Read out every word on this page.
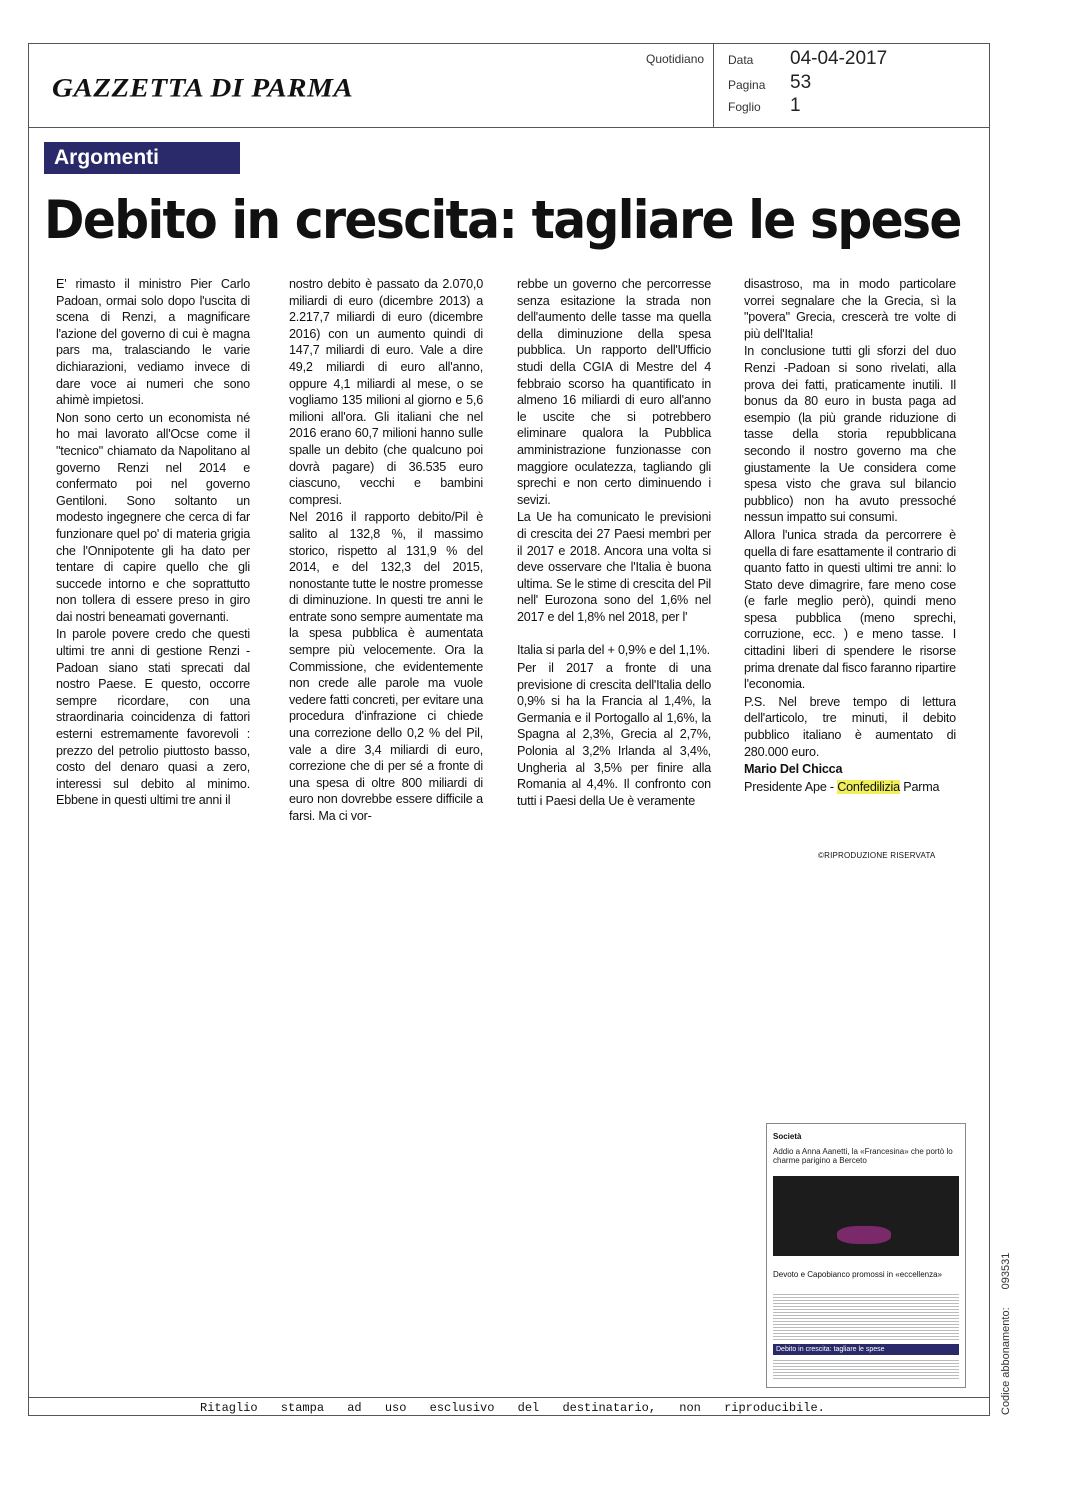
GAZZETTA DI PARMA
Quotidiano Data 04-04-2017
Pagina 53
Foglio 1
Argomenti
Debito in crescita: tagliare le spese

E' rimasto il ministro Pier Carlo Padoan, ormai solo dopo l'uscita di scena di Renzi, a magnificare l'azione del governo di cui è magna pars ma, tralasciando le varie dichiarazioni, vediamo invece di dare voce ai numeri che sono ahimè impietosi.

Non sono certo un economista né ho mai lavorato all'Ocse come il "tecnico" chiamato da Napolitano al governo Renzi nel 2014 e confermato poi nel governo Gentiloni. Sono soltanto un modesto ingegnere che cerca di far funzionare quel po' di materia grigia che l'Onnipotente gli ha dato per tentare di capire quello che gli succede intorno e che soprattutto non tollera di essere preso in giro dai nostri beneamati governanti.

In parole povere credo che questi ultimi tre anni di gestione Renzi - Padoan siano stati sprecati dal nostro Paese. E questo, occorre sempre ricordare, con una straordinaria coincidenza di fattori esterni estremamente favorevoli : prezzo del petrolio piuttosto basso, costo del denaro quasi a zero, interessi sul debito al minimo. Ebbene in questi ultimi tre anni il

nostro debito è passato da 2.070,0 miliardi di euro (dicembre 2013) a 2.217,7 miliardi di euro (dicembre 2016) con un aumento quindi di 147,7 miliardi di euro. Vale a dire 49,2 miliardi di euro all'anno, oppure 4,1 miliardi al mese, o se vogliamo 135 milioni al giorno e 5,6 milioni all'ora. Gli italiani che nel 2016 erano 60,7 milioni hanno sulle spalle un debito (che qualcuno poi dovrà pagare) di 36.535 euro ciascuno, vecchi e bambini compresi.

Nel 2016 il rapporto debito/Pil è salito al 132,8 %, il massimo storico, rispetto al 131,9 % del 2014, e del 132,3 del 2015, nonostante tutte le nostre promesse di diminuzione. In questi tre anni le entrate sono sempre aumentate ma la spesa pubblica è aumentata sempre più velocemente. Ora la Commissione, che evidentemente non crede alle parole ma vuole vedere fatti concreti, per evitare una procedura d'infrazione ci chiede una correzione dello 0,2 % del Pil, vale a dire 3,4 miliardi di euro, correzione che di per sé a fronte di una spesa di oltre 800 miliardi di euro non dovrebbe essere difficile a farsi. Ma ci vor-

rebbe un governo che percorresse senza esitazione la strada non dell'aumento delle tasse ma quella della diminuzione della spesa pubblica. Un rapporto dell'Ufficio studi della CGIA di Mestre del 4 febbraio scorso ha quantificato in almeno 16 miliardi di euro all'anno le uscite che si potrebbero eliminare qualora la Pubblica amministrazione funzionasse con maggiore oculatezza, tagliando gli sprechi e non certo diminuendo i sevizi.

La Ue ha comunicato le previsioni di crescita dei 27 Paesi membri per il 2017 e 2018. Ancora una volta si deve osservare che l'Italia è buona ultima. Se le stime di crescita del Pil nell' Eurozona sono del 1,6% nel 2017 e del 1,8% nel 2018, per l'

Italia si parla del + 0,9% e del 1,1%.

Per il 2017 a fronte di una previsione di crescita dell'Italia dello 0,9% si ha la Francia al 1,4%, la Germania e il Portogallo al 1,6%, la Spagna al 2,3%, Grecia al 2,7%, Polonia al 3,2% Irlanda al 3,4%, Ungheria al 3,5% per finire alla Romania al 4,4%. Il confronto con tutti i Paesi della Ue è veramente

disastroso, ma in modo particolare vorrei segnalare che la Grecia, sì la "povera" Grecia, crescerà tre volte di più dell'Italia!

In conclusione tutti gli sforzi del duo Renzi -Padoan si sono rivelati, alla prova dei fatti, praticamente inutili. Il bonus da 80 euro in busta paga ad esempio (la più grande riduzione di tasse della storia repubblicana secondo il nostro governo ma che giustamente la Ue considera come spesa visto che grava sul bilancio pubblico) non ha avuto pressoché nessun impatto sui consumi.

Allora l'unica strada da percorrere è quella di fare esattamente il contrario di quanto fatto in questi ultimi tre anni: lo Stato deve dimagrire, fare meno cose (e farle meglio però), quindi meno spesa pubblica (meno sprechi, corruzione, ecc. ) e meno tasse. I cittadini liberi di spendere le risorse prima drenate dal fisco faranno ripartire l'economia.

P.S. Nel breve tempo di lettura dell'articolo, tre minuti, il debito pubblico italiano è aumentato di 280.000 euro.

Mario Del Chicca

Presidente Ape - Confedilizia Parma

©RIPRODUZIONE RISERVATA
Società
Addio a Anna Aanetti, la «Francesina» che portò lo charme parigino a Berceto
Devoto e Capobianco promossi in «eccellenza»
Debito in crescita: tagliare le spese	Codice abbonamento:093531
Ritaglio stampa ad uso esclusivo del destinatario, non riproducibile.
